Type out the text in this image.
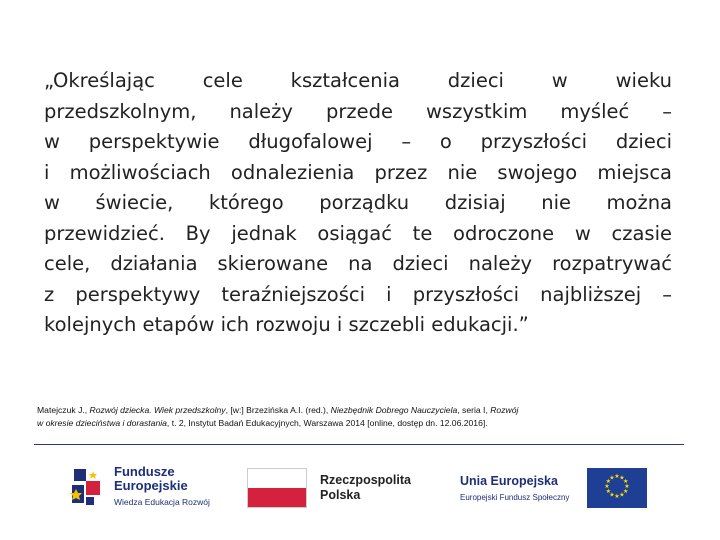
„Określając cele kształcenia dzieci w wieku
przedszkolnym, należy przede wszystkim myśleć –
w perspektywie długofalowej – o przyszłości dzieci
i możliwościach odnalezienia przez nie swojego miejsca
w świecie, którego porządku dzisiaj nie można
przewidzieć. By jednak osiągać te odroczone w czasie
cele, działania skierowane na dzieci należy rozpatrywać
z perspektywy teraźniejszości i przyszłości najbliższej –
kolejnych etapów ich rozwoju i szczebli edukacji.”
Matejczuk J., Rozwój dziecka. Wiek przedszkolny, [w:] Brzezińska A.I. (red.), Niezbędnik Dobrego Nauczyciela, seria I, Rozwój
w okresie dzieciństwa i dorastania, t. 2, Instytut Badań Edukacyjnych, Warszawa 2014 [online, dostęp dn. 12.06.2016].
Fundusze
Europejskie
Wiedza Edukacja Rozwój
Rzeczpospolita
Polska
Unia Europejska
Europejski Fundusz Społeczny
★ ★
★
★
★
★
★
★
★
★
★
★
